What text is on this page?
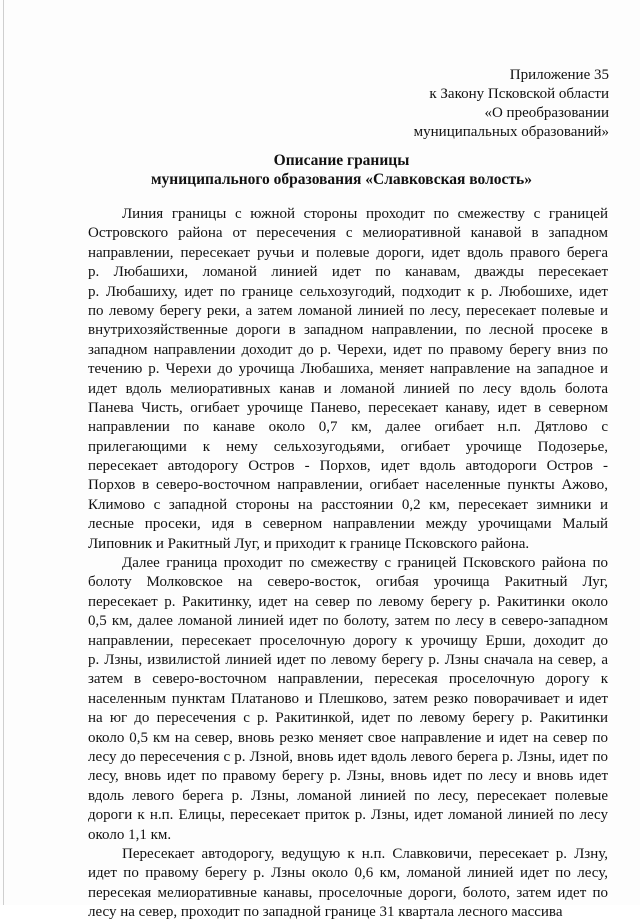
Приложение 35
к Закону Псковской области
«О преобразовании
муниципальных образований»
Описание границы
муниципального образования «Славковская волость»
Линия границы с южной стороны проходит по смежеству с границей
Островского района от пересечения с мелиоративной канавой в западном
направлении, пересекает ручьи и полевые дороги, идет вдоль правого берега
р. Любашихи, ломаной линией идет по канавам, дважды пересекает
р. Любашиху, идет по границе сельхозугодий, подходит к р. Любошихе, идет
по левому берегу реки, а затем ломаной линией по лесу, пересекает полевые и
внутрихозяйственные дороги в западном направлении, по лесной просеке в
западном направлении доходит до р. Черехи, идет по правому берегу вниз по
течению р. Черехи до урочища Любашиха, меняет направление на западное и
идет вдоль мелиоративных канав и ломаной линией по лесу вдоль болота
Панева Чисть, огибает урочище Панево, пересекает канаву, идет в северном
направлении по канаве около 0,7 км, далее огибает н.п. Дятлово с
прилегающими к нему сельхозугодьями, огибает урочище Подозерье,
пересекает автодорогу Остров - Порхов, идет вдоль автодороги Остров -
Порхов в северо-восточном направлении, огибает населенные пункты Ажово,
Климово с западной стороны на расстоянии 0,2 км, пересекает зимники и
лесные просеки, идя в северном направлении между урочищами Малый
Липовник и Ракитный Луг, и приходит к границе Псковского района.
Далее граница проходит по смежеству с границей Псковского района по
болоту Молковское на северо-восток, огибая урочища Ракитный Луг,
пересекает р. Ракитинку, идет на север по левому берегу р. Ракитинки около
0,5 км, далее ломаной линией идет по болоту, затем по лесу в северо-западном
направлении, пересекает проселочную дорогу к урочищу Ерши, доходит до
р. Лзны, извилистой линией идет по левому берегу р. Лзны сначала на север, а
затем в северо-восточном направлении, пересекая проселочную дорогу к
населенным пунктам Платаново и Плешково, затем резко поворачивает и идет
на юг до пересечения с р. Ракитинкой, идет по левому берегу р. Ракитинки
около 0,5 км на север, вновь резко меняет свое направление и идет на север по
лесу до пересечения с р. Лзной, вновь идет вдоль левого берега р. Лзны, идет по
лесу, вновь идет по правому берегу р. Лзны, вновь идет по лесу и вновь идет
вдоль левого берега р. Лзны, ломаной линией по лесу, пересекает полевые
дороги к н.п. Елицы, пересекает приток р. Лзны, идет ломаной линией по лесу
около 1,1 км.
Пересекает автодорогу, ведущую к н.п. Славковичи, пересекает р. Лзну,
идет по правому берегу р. Лзны около 0,6 км, ломаной линией идет по лесу,
пересекая мелиоративные канавы, проселочные дороги, болото, затем идет по
лесу на север, проходит по западной границе 31 квартала лесного массива
